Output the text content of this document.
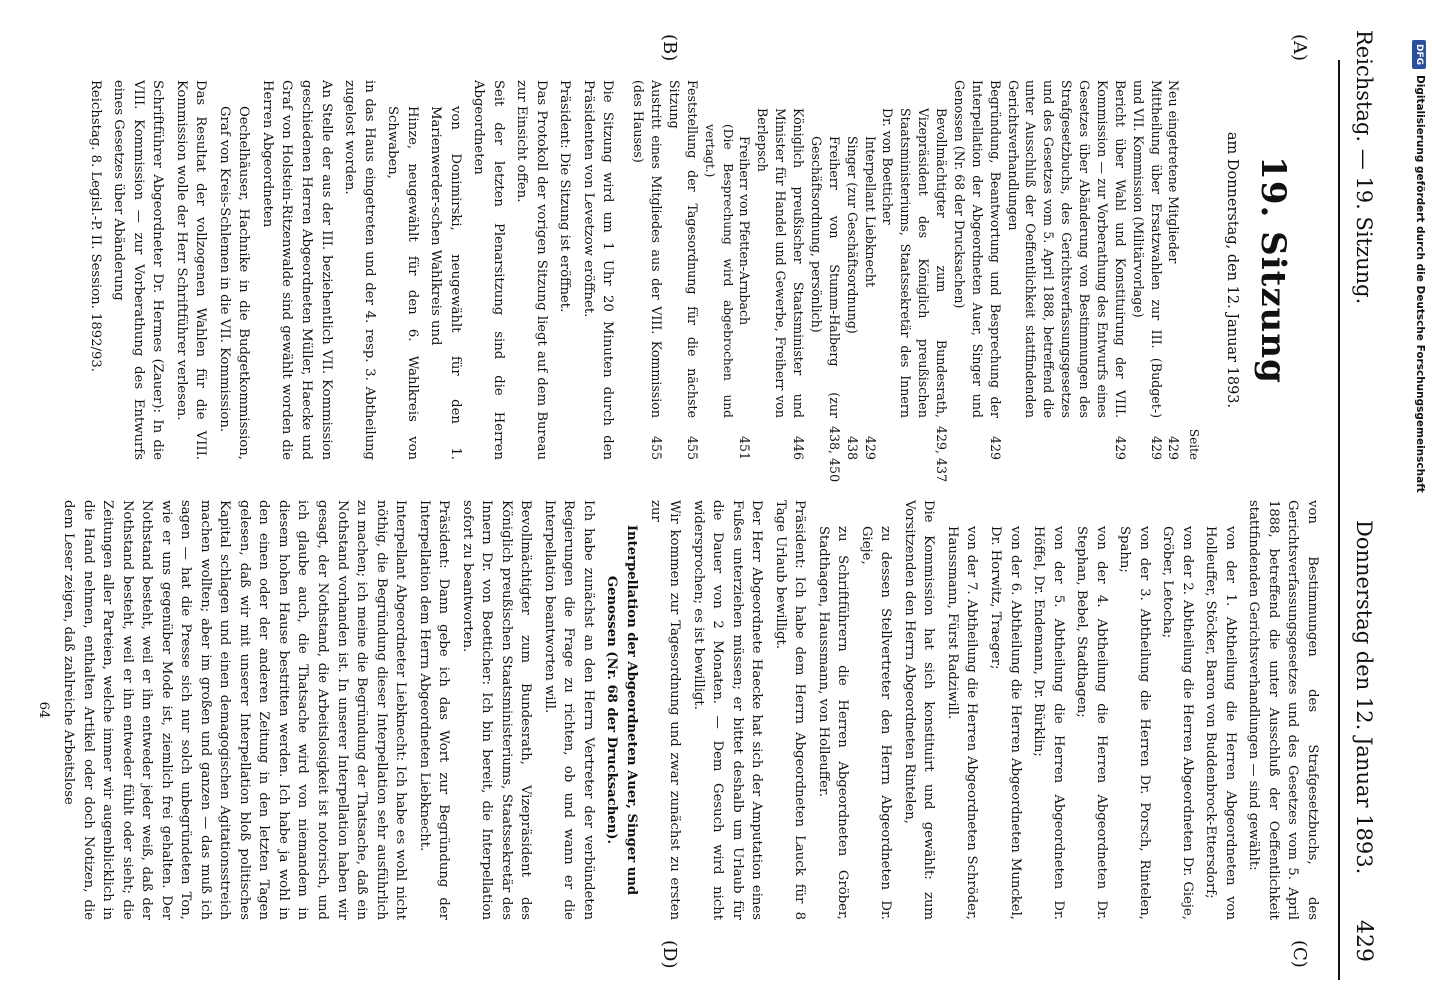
Reichstag. — 19. Sitzung.
Donnerstag den 12. Januar 1893.
429
(A)
(B)
(C)
(D)
19. Sitzung
am Donnerstag, den 12. Januar 1893.
Seite
Neu eingetretene Mitglieder
429
Mittheilung über Ersatzwahlen zur III. (Budget-) und VII. Kommission (Militärvorlage)
429
Bericht über Wahl und Konstituirung der VIII. Kommission — zur Vorberathung des Entwurfs eines Gesetzes über Abänderung von Bestimmungen des Strafgesetzbuchs, des Gerichtsverfassungsgesetzes und des Gesetzes vom 5. April 1888, betreffend die unter Ausschluß der Oeffentlichkeit stattfindenden Gerichtsverhandlungen
429
Begründung, Beantwortung und Besprechung der Interpellation der Abgeordneten Auer, Singer und Genossen (Nr. 68 der Drucksachen)
429
Bevollmächtigter zum Bundesrath, Vizepräsident des Königlich preußischen Staatsministeriums, Staatssekretär des Innern Dr. von Boetticher
429, 437
Interpellant Liebknecht
429
Singer (zur Geschäftsordnung)
438
Freiherr von Stumm-Halberg (zur Geschäftsordnung, persönlich)
438, 450
Königlich preußischer Staatsminister und Minister für Handel und Gewerbe, Freiherr von Berlepsch
446
Freiherr von Pfetten-Arnbach
451
(Die Besprechung wird abgebrochen und vertagt.)
Feststellung der Tagesordnung für die nächste Sitzung
455
Austritt eines Mitgliedes aus der VIII. Kommission (des Hauses)
455

Die Sitzung wird um 1 Uhr 20 Minuten durch den Präsidenten von Levetzow eröffnet.

Präsident: Die Sitzung ist eröffnet.

Das Protokoll der vorigen Sitzung liegt auf dem Bureau zur Einsicht offen.

Seit der letzten Plenarsitzung sind die Herren Abgeordneten

von Donimirski, neugewählt für den 1. Marienwerder-schen Wahlkreis und

Hinze, neugewählt für den 6. Wahlkreis von Schwaben,

in das Haus eingetreten und der 4. resp. 3. Abtheilung zugelost worden.

An Stelle der aus der III. beziehentlich VII. Kommission geschiedenen Herren Abgeordneten Müller, Haecke und Graf von Holstein-Ritzenwalde sind gewählt worden die Herren Abgeordneten

Oechelhäuser, Hachnike in die Budgetkommission, Graf von Kreis-Schlemen in die VII. Kommission.

Das Resultat der vollzogenen Wahlen für die VIII. Kommission wolle der Herr Schriftführer verlesen.

Schriftführer Abgeordneter Dr. Hermes (Zauer): In die VIII. Kommission — zur Vorberathung des Entwurfs eines Gesetzes über Abänderung

Reichstag. 8. Legisl.-P. II. Session. 1892/93.

von Bestimmungen des Strafgesetzbuchs, des Gerichtsverfassungsgesetzes und des Gesetzes vom 5. April 1888, betreffend die unter Ausschluß der Oeffentlichkeit stattfindenden Gerichtsverhandlungen — sind gewählt:

von der 1. Abtheilung die Herren Abgeordneten von Holleuffer, Stöcker, Baron von Buddenbrock-Ettersdorf;

von der 2. Abtheilung die Herren Abgeordneten Dr. Gieje, Gröber, Letocha;

von der 3. Abtheilung die Herren Dr. Porsch, Rintelen, Spahn;

von der 4. Abtheilung die Herren Abgeordneten Dr. Stephan, Bebel, Stadthagen;

von der 5. Abtheilung die Herren Abgeordneten Dr. Höffel, Dr. Endemann, Dr. Bürklin;

von der 6. Abtheilung die Herren Abgeordneten Munckel, Dr. Horwitz, Traeger;

von der 7. Abtheilung die Herren Abgeordneten Schröder, Haussmann, Fürst Radziwill.

Die Kommission hat sich konstituirt und gewählt: zum Vorsitzenden den Herrn Abgeordneten Rintelen,

zu dessen Stellvertreter den Herrn Abgeordneten Dr. Gieje,

zu Schriftführern die Herren Abgeordneten Gröber, Stadthagen, Haussmann, von Holleuffer.

Präsident: Ich habe dem Herrn Abgeordneten Lauck für 8 Tage Urlaub bewilligt.

Der Herr Abgeordnete Haecke hat sich der Amputation eines Fußes unterziehen müssen; er bittet deshalb um Urlaub für die Dauer von 2 Monaten. — Dem Gesuch wird nicht widersprochen; es ist bewilligt.

Wir kommen zur Tagesordnung und zwar zunächst zu ersten zur

Interpellation der Abgeordneten Auer, Singer und Genossen (Nr. 68 der Drucksachen).

Ich habe zunächst an den Herrn Vertreter der verbündeten Regierungen die Frage zu richten, ob und wann er die Interpellation beantworten will.

Bevollmächtigter zum Bundesrath, Vizepräsident des Königlich preußischen Staatsministeriums, Staatssekretär des Innern Dr. von Boetticher: Ich bin bereit, die Interpellation sofort zu beantworten.

Präsident: Dann gebe ich das Wort zur Begründung der Interpellation dem Herrn Abgeordneten Liebknecht.

Interpellant Abgeordneter Liebknecht: Ich habe es wohl nicht nöthig, die Begründung dieser Interpellation sehr ausführlich zu machen; ich meine die Begründung der Thatsache, daß ein Nothstand vorhanden ist. In unserer Interpellation haben wir gesagt, der Nothstand, die Arbeitslosigkeit ist notorisch, und ich glaube auch, die Thatsache wird von niemandem in diesem hohen Hause bestritten werden. Ich habe ja wohl in den einen oder der anderen Zeitung in den letzten Tagen gelesen, daß wir mit unserer Interpellation bloß politisches Kapital schlagen und einen demagogischen Agitationsstreich machen wollten; aber im großen und ganzen — das muß ich sagen — hat die Presse sich nur solch unbegründeten Ton, wie er uns gegenüber Mode ist, ziemlich frei gehalten. Der Nothstand besteht, weil er ihn entweder jeder weiß, daß der Nothstand besteht, weil er ihn entweder fühlt oder sieht; die Zeitungen aller Parteien, welche immer wir augenblicklich in die Hand nehmen, enthalten Artikel oder doch Notizen, die dem Leser zeigen, daß zahlreiche Arbeitslose

64
DFGDigitalisierung gefördert durch die Deutsche Forschungsgemeinschaft
